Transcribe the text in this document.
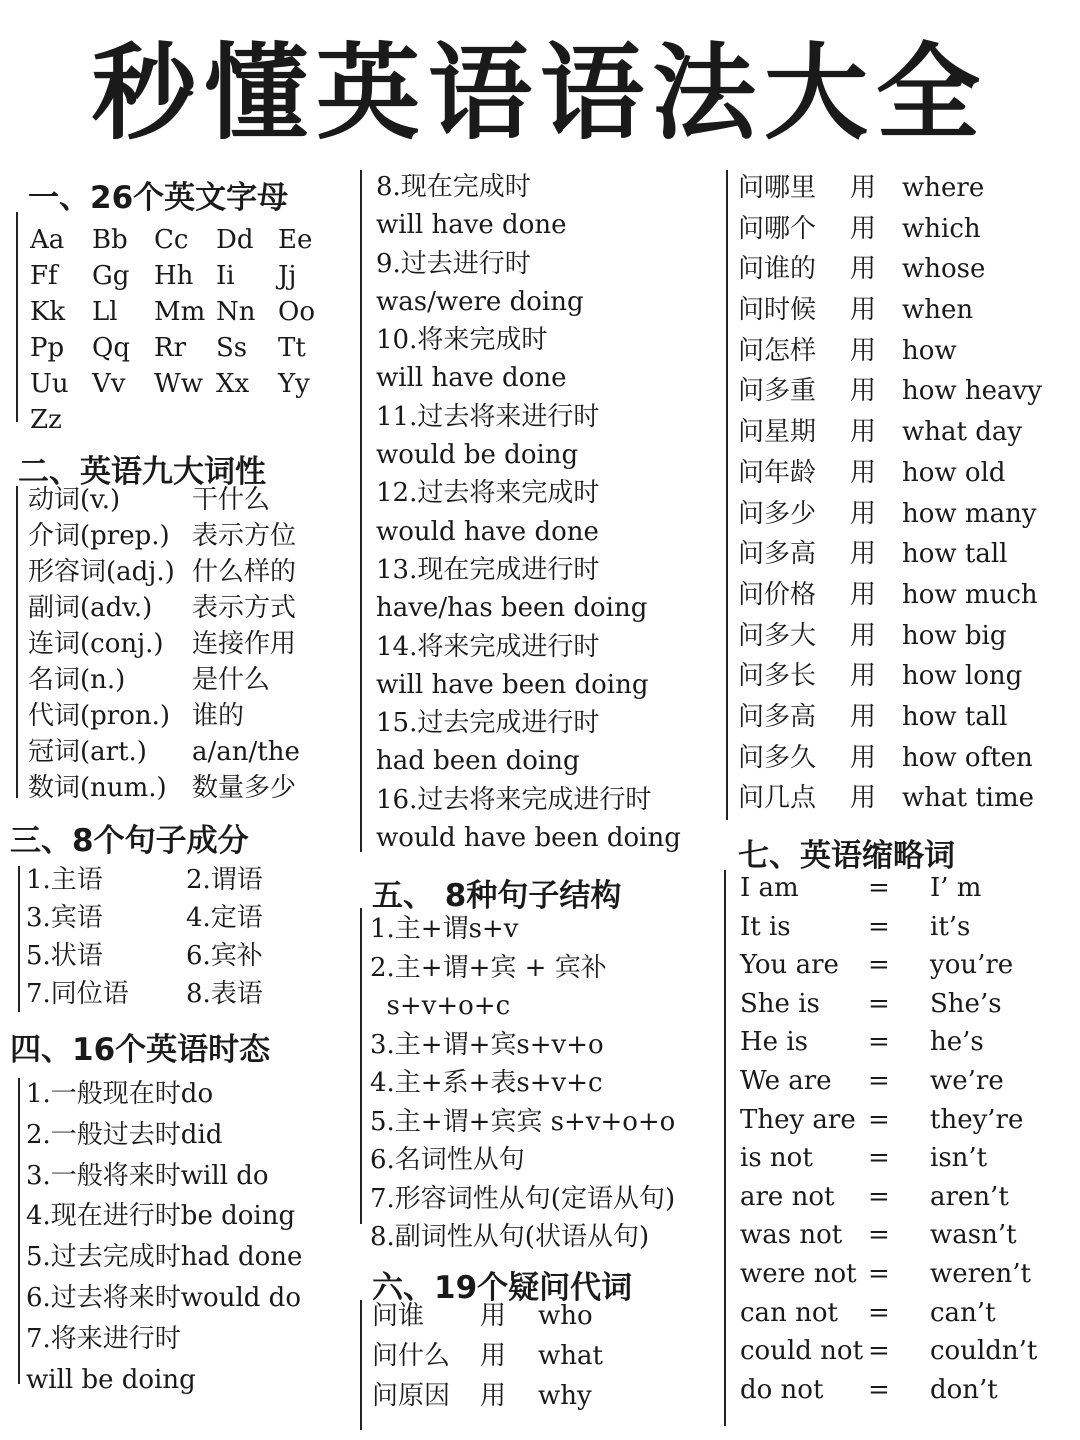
秒懂英语语法大全
一、26个英文字母
Aa	Bb	Cc	Dd Ee
Ff	Gg Hh Ii	Jj
Kk	Ll	Mm Nn Oo
Pp	Qq Rr	Ss	Tt
Uu Vv	Ww Xx	Yy
Zz
二、英语九大词性
动词(v.)	干什么
介词(prep.) 表示方位
形容词(adj.) 什么样的
副词(adv.)	表示方式
连词(conj.)	连接作用
名词(n.)	是什么
代词(pron.) 谁的
冠词(art.)	a/an/the
数词(num.) 数量多少
三、8个句子成分
1.主语	2.谓语
3.宾语	4.定语
5.状语	6.宾补
7.同位语	8.表语
四、16个英语时态
1.一般现在时do
2.一般过去时did
3.一般将来时will do
4.现在进行时be doing
5.过去完成时had done
6.过去将来时would do
7.将来进行时
will be doing
8.现在完成时
will have done
9.过去进行时
was/were doing
10.将来完成时
will have done
11.过去将来进行时
would be doing
12.过去将来完成时
would have done
13.现在完成进行时
have/has been doing
14.将来完成进行时
will have been doing
15.过去完成进行时
had been doing
16.过去将来完成进行时
would have been doing
五、 8种句子结构
1.主+谓s+v
2.主+谓+宾 + 宾补
s+v+o+c
3.主+谓+宾s+v+o
4.主+系+表s+v+c
5.主+谓+宾宾 s+v+o+o
6.名词性从句
7.形容词性从句(定语从句)
8.副词性从句(状语从句)
六、19个疑问代词
问谁	用	who
问什么	用	what
问原因	用	why
问哪里	用 where
问哪个	用 which
问谁的	用 whose
问时候	用 when
问怎样	用 how
问多重	用 how heavy
问星期	用 what day
问年龄	用 how old
问多少	用 how many
问多高	用 how tall
问价格	用 how much
问多大	用 how big
问多长	用 how long
问多高	用 how tall
问多久	用 how often
问几点	用 what time
七、英语缩略词
I am	=	I’ m
It is	=	it’s
You are	=	you’re
She is	=	She’s
He is	=	he’s
We are	=	we’re
They are =	they’re
is not	=	isn’t
are not	=	aren’t
was not =	wasn’t
were not =	weren’t
can not	=	can’t
could not =	couldn’t
do not	=	don’t
